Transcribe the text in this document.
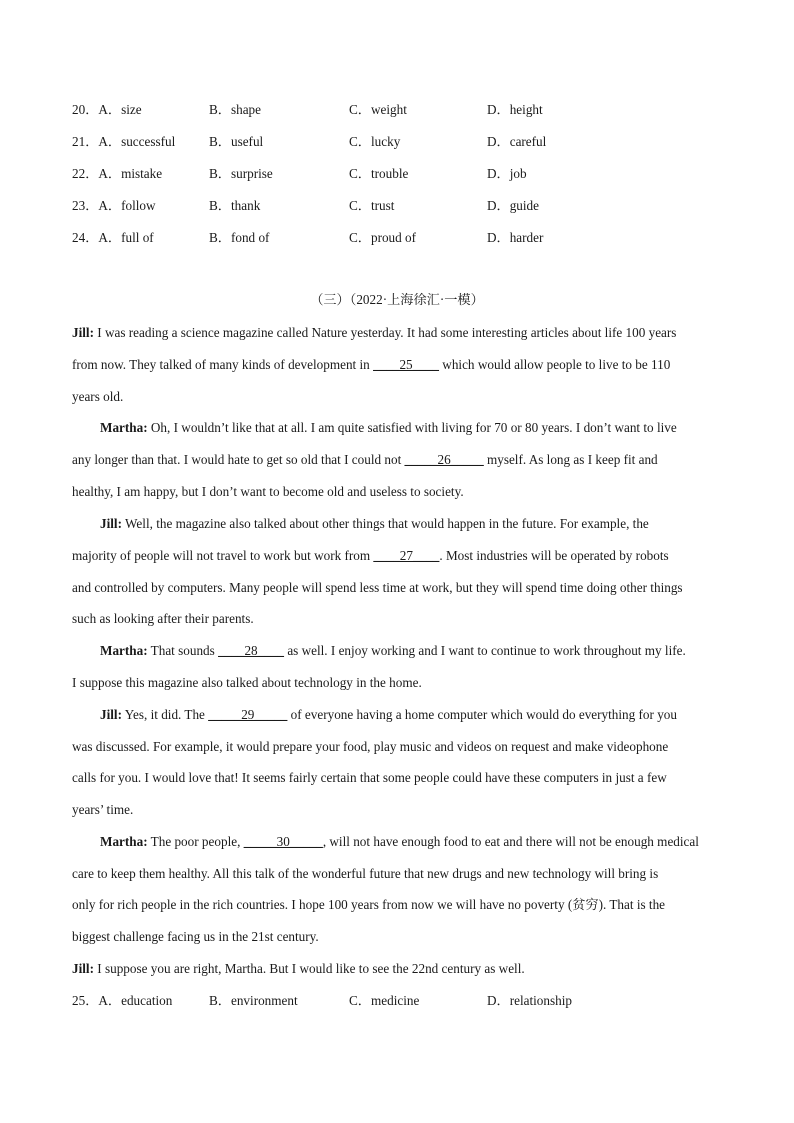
20．A．size	B．shape	C．weight	D．height
21．A．successful	B．useful	C．lucky	D．careful
22．A．mistake	B．surprise	C．trouble	D．job
23．A．follow	B．thank	C．trust	D．guide
24．A．full of	B．fond of	C．proud of	D．harder
（三）（2022·上海徐汇·一模）
Jill: I was reading a science magazine called Nature yesterday. It had some interesting articles about life 100 years
from now. They talked of many kinds of development in ____25____ which would allow people to live to be 110
years old.
Martha: Oh, I wouldn’t like that at all. I am quite satisfied with living for 70 or 80 years. I don’t want to live
any longer than that. I would hate to get so old that I could not _____26_____ myself. As long as I keep fit and
healthy, I am happy, but I don’t want to become old and useless to society.
Jill: Well, the magazine also talked about other things that would happen in the future. For example, the
majority of people will not travel to work but work from ____27____. Most industries will be operated by robots
and controlled by computers. Many people will spend less time at work, but they will spend time doing other things
such as looking after their parents.
Martha: That sounds ____28____ as well. I enjoy working and I want to continue to work throughout my life.
I suppose this magazine also talked about technology in the home.
Jill: Yes, it did. The _____29_____ of everyone having a home computer which would do everything for you
was discussed. For example, it would prepare your food, play music and videos on request and make videophone
calls for you. I would love that! It seems fairly certain that some people could have these computers in just a few
years’ time.
Martha: The poor people, _____30_____, will not have enough food to eat and there will not be enough medical
care to keep them healthy. All this talk of the wonderful future that new drugs and new technology will bring is
only for rich people in the rich countries. I hope 100 years from now we will have no poverty (贫穷). That is the
biggest challenge facing us in the 21st century.
Jill: I suppose you are right, Martha. But I would like to see the 22nd century as well.
25．A．education	B．environment	C．medicine	D．relationship
